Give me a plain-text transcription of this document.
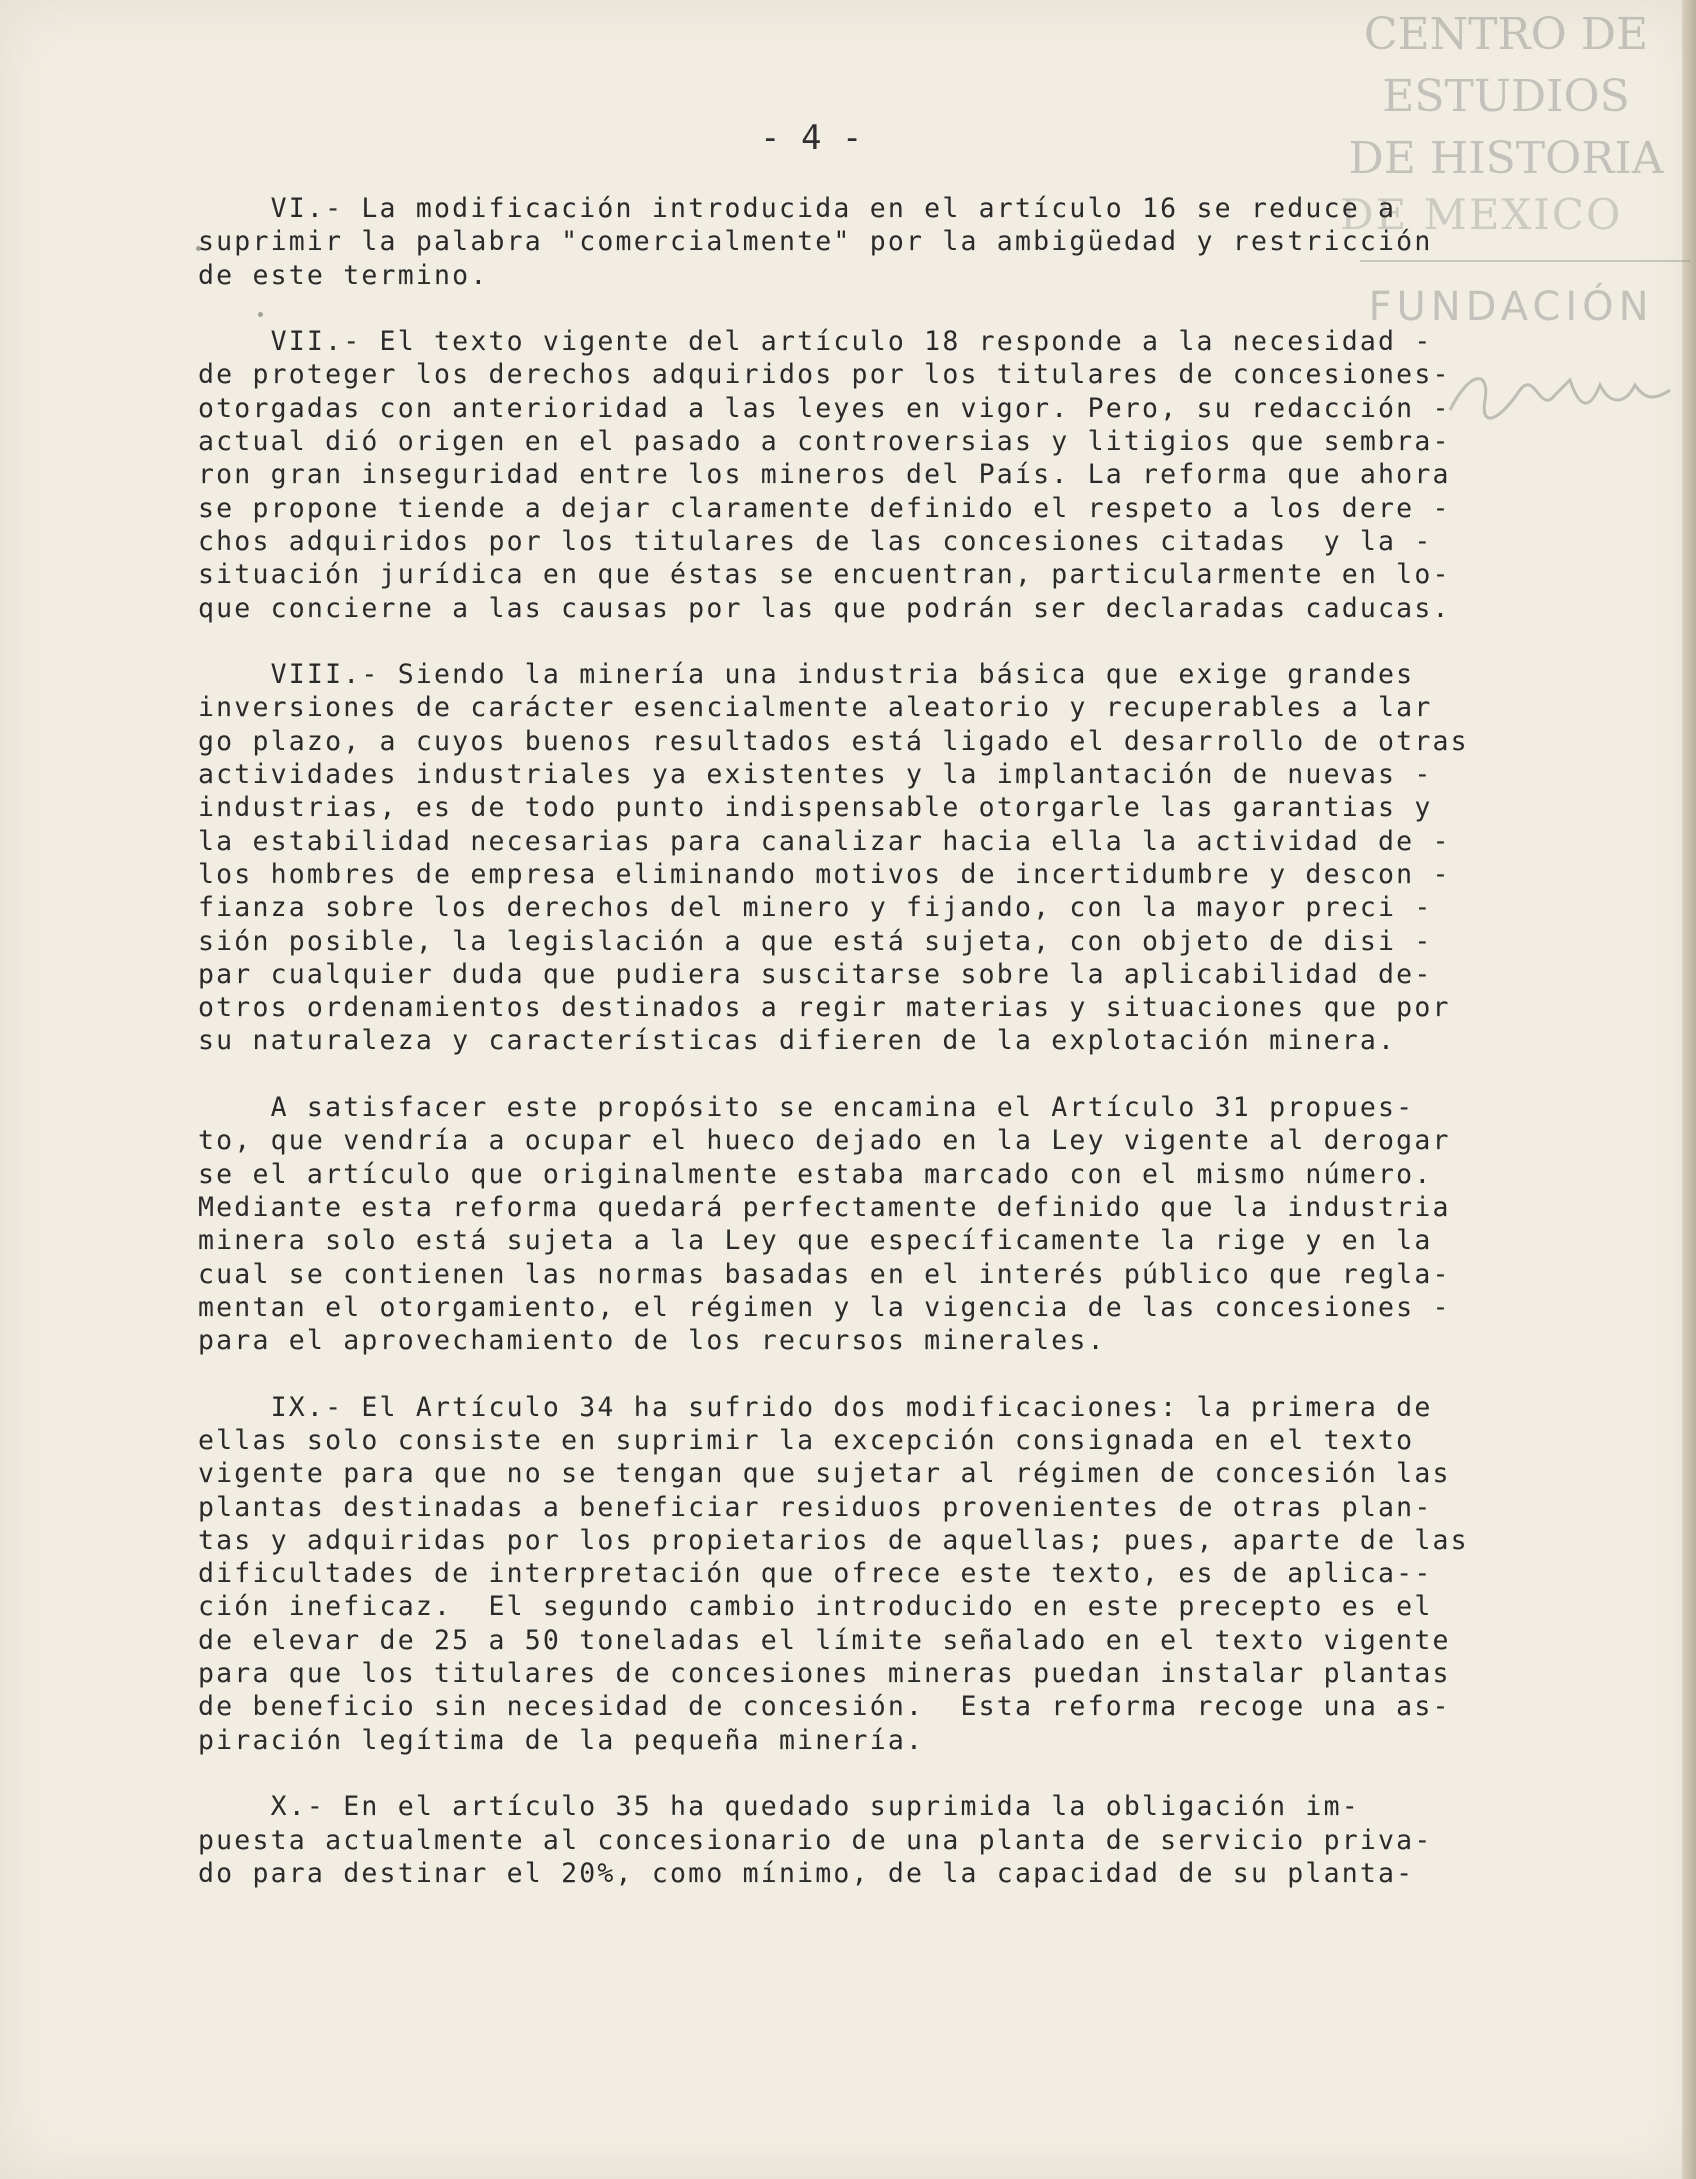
CENTRO DE
ESTUDIOS
DE HISTORIA
FUNDACIÓN
DE MEXICO
- 4 -
VI.- La modificación introducida en el artículo 16 se reduce a
suprimir la palabra "comercialmente" por la ambigüedad y restricción
de este termino.
VII.- El texto vigente del artículo 18 responde a la necesidad -
de proteger los derechos adquiridos por los titulares de concesiones-
otorgadas con anterioridad a las leyes en vigor. Pero, su redacción -
actual dió origen en el pasado a controversias y litigios que sembra-
ron gran inseguridad entre los mineros del País. La reforma que ahora
se propone tiende a dejar claramente definido el respeto a los dere -
chos adquiridos por los titulares de las concesiones citadas  y la -
situación jurídica en que éstas se encuentran, particularmente en lo-
que concierne a las causas por las que podrán ser declaradas caducas.
VIII.- Siendo la minería una industria básica que exige grandes
inversiones de carácter esencialmente aleatorio y recuperables a lar
go plazo, a cuyos buenos resultados está ligado el desarrollo de otras
actividades industriales ya existentes y la implantación de nuevas -
industrias, es de todo punto indispensable otorgarle las garantias y
la estabilidad necesarias para canalizar hacia ella la actividad de -
los hombres de empresa eliminando motivos de incertidumbre y descon -
fianza sobre los derechos del minero y fijando, con la mayor preci -
sión posible, la legislación a que está sujeta, con objeto de disi -
par cualquier duda que pudiera suscitarse sobre la aplicabilidad de-
otros ordenamientos destinados a regir materias y situaciones que por
su naturaleza y características difieren de la explotación minera.
A satisfacer este propósito se encamina el Artículo 31 propues-
to, que vendría a ocupar el hueco dejado en la Ley vigente al derogar
se el artículo que originalmente estaba marcado con el mismo número.
Mediante esta reforma quedará perfectamente definido que la industria
minera solo está sujeta a la Ley que específicamente la rige y en la
cual se contienen las normas basadas en el interés público que regla-
mentan el otorgamiento, el régimen y la vigencia de las concesiones -
para el aprovechamiento de los recursos minerales.
IX.- El Artículo 34 ha sufrido dos modificaciones: la primera de
ellas solo consiste en suprimir la excepción consignada en el texto
vigente para que no se tengan que sujetar al régimen de concesión las
plantas destinadas a beneficiar residuos provenientes de otras plan-
tas y adquiridas por los propietarios de aquellas; pues, aparte de las
dificultades de interpretación que ofrece este texto, es de aplica--
ción ineficaz.  El segundo cambio introducido en este precepto es el
de elevar de 25 a 50 toneladas el límite señalado en el texto vigente
para que los titulares de concesiones mineras puedan instalar plantas
de beneficio sin necesidad de concesión.  Esta reforma recoge una as-
piración legítima de la pequeña minería.
X.- En el artículo 35 ha quedado suprimida la obligación im-
puesta actualmente al concesionario de una planta de servicio priva-
do para destinar el 20%, como mínimo, de la capacidad de su planta-
